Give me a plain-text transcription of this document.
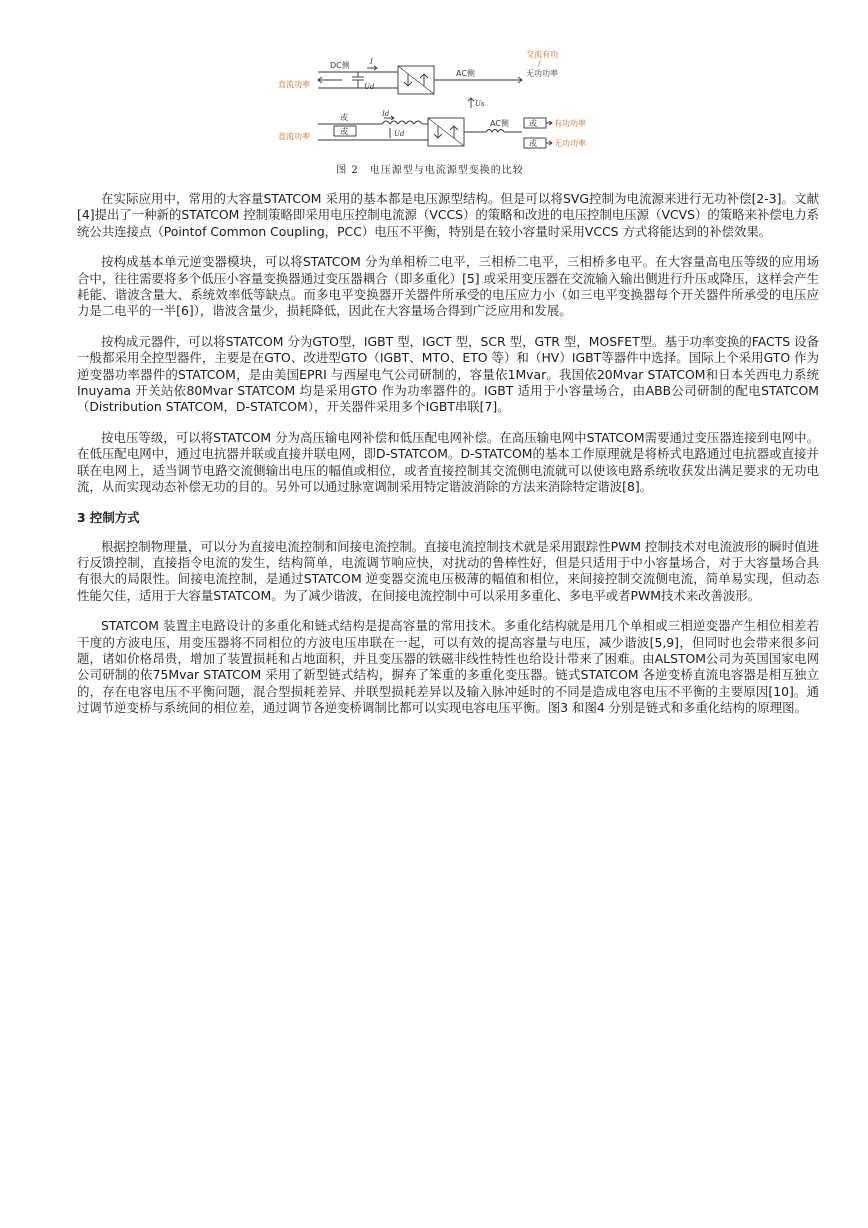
DC侧
直流功率
I
Ud
AC侧
交流有功
/
无功功率
Us
直流功率
或
或
Id
Ud
AC侧	或
或
有功功率
无功功率
图 2　电压源型与电流源型变换的比较

在实际应用中，常用的大容量STATCOM 采用的基本都是电压源型结构。但是可以将SVG控制为电流源来进行无功补偿[2-3]。文献[4]提出了一种新的STATCOM 控制策略即采用电压控制电流源（VCCS）的策略和改进的电压控制电压源（VCVS）的策略来补偿电力系统公共连接点（Pointof Common Coupling，PCC）电压不平衡，特别是在较小容量时采用VCCS 方式将能达到的补偿效果。

按构成基本单元逆变器模块，可以将STATCOM 分为单相桥二电平，三相桥二电平，三相桥多电平。在大容量高电压等级的应用场合中，往往需要将多个低压小容量变换器通过变压器耦合（即多重化）[5] 或采用变压器在交流输入输出侧进行升压或降压，这样会产生耗能、谐波含量大、系统效率低等缺点。而多电平变换器开关器件所承受的电压应力小（如三电平变换器每个开关器件所承受的电压应力是二电平的一半[6]），谐波含量少，损耗降低，因此在大容量场合得到广泛应用和发展。

按构成元器件，可以将STATCOM 分为GTO型，IGBT 型，IGCT 型，SCR 型，GTR 型，MOSFET型。基于功率变换的FACTS 设备一般都采用全控型器件，主要是在GTO、改进型GTO（IGBT、MTO、ETO 等）和（HV）IGBT等器件中选择。国际上个采用GTO 作为逆变器功率器件的STATCOM，是由美国EPRI 与西屋电气公司研制的，容量依1Mvar。我国依20Mvar STATCOM和日本关西电力系统Inuyama 开关站依80Mvar STATCOM 均是采用GTO 作为功率器件的。IGBT 适用于小容量场合，由ABB公司研制的配电STATCOM（Distribution STATCOM，D-STATCOM），开关器件采用多个IGBT串联[7]。

按电压等级，可以将STATCOM 分为高压输电网补偿和低压配电网补偿。在高压输电网中STATCOM需要通过变压器连接到电网中。在低压配电网中，通过电抗器并联或直接并联电网，即D-STATCOM。D-STATCOM的基本工作原理就是将桥式电路通过电抗器或直接并联在电网上，适当调节电路交流侧输出电压的幅值或相位，或者直接控制其交流侧电流就可以使该电路系统收获发出满足要求的无功电流，从而实现动态补偿无功的目的。另外可以通过脉宽调制采用特定谐波消除的方法来消除特定谐波[8]。

3 控制方式

根据控制物理量，可以分为直接电流控制和间接电流控制。直接电流控制技术就是采用跟踪性PWM 控制技术对电流波形的瞬时值进行反馈控制，直接指令电流的发生，结构简单，电流调节响应快，对扰动的鲁棒性好，但是只适用于中小容量场合，对于大容量场合具有很大的局限性。间接电流控制，是通过STATCOM 逆变器交流电压极薄的幅值和相位，来间接控制交流侧电流，简单易实现，但动态性能欠佳，适用于大容量STATCOM。为了减少谐波，在间接电流控制中可以采用多重化、多电平或者PWM技术来改善波形。

STATCOM 装置主电路设计的多重化和链式结构是提高容量的常用技术。多重化结构就是用几个单相或三相逆变器产生相位相差若干度的方波电压，用变压器将不同相位的方波电压串联在一起，可以有效的提高容量与电压，减少谐波[5,9]，但同时也会带来很多问题，诸如价格昂贵，增加了装置损耗和占地面积，并且变压器的铁磁非线性特性也给设计带来了困难。由ALSTOM公司为英国国家电网公司研制的依75Mvar STATCOM 采用了新型链式结构，摒弃了笨重的多重化变压器。链式STATCOM 各逆变桥直流电容器是相互独立的，存在电容电压不平衡问题，混合型损耗差异、并联型损耗差异以及输入脉冲延时的不同是造成电容电压不平衡的主要原因[10]。通过调节逆变桥与系统间的相位差，通过调节各逆变桥调制比都可以实现电容电压平衡。图3 和图4 分别是链式和多重化结构的原理图。
